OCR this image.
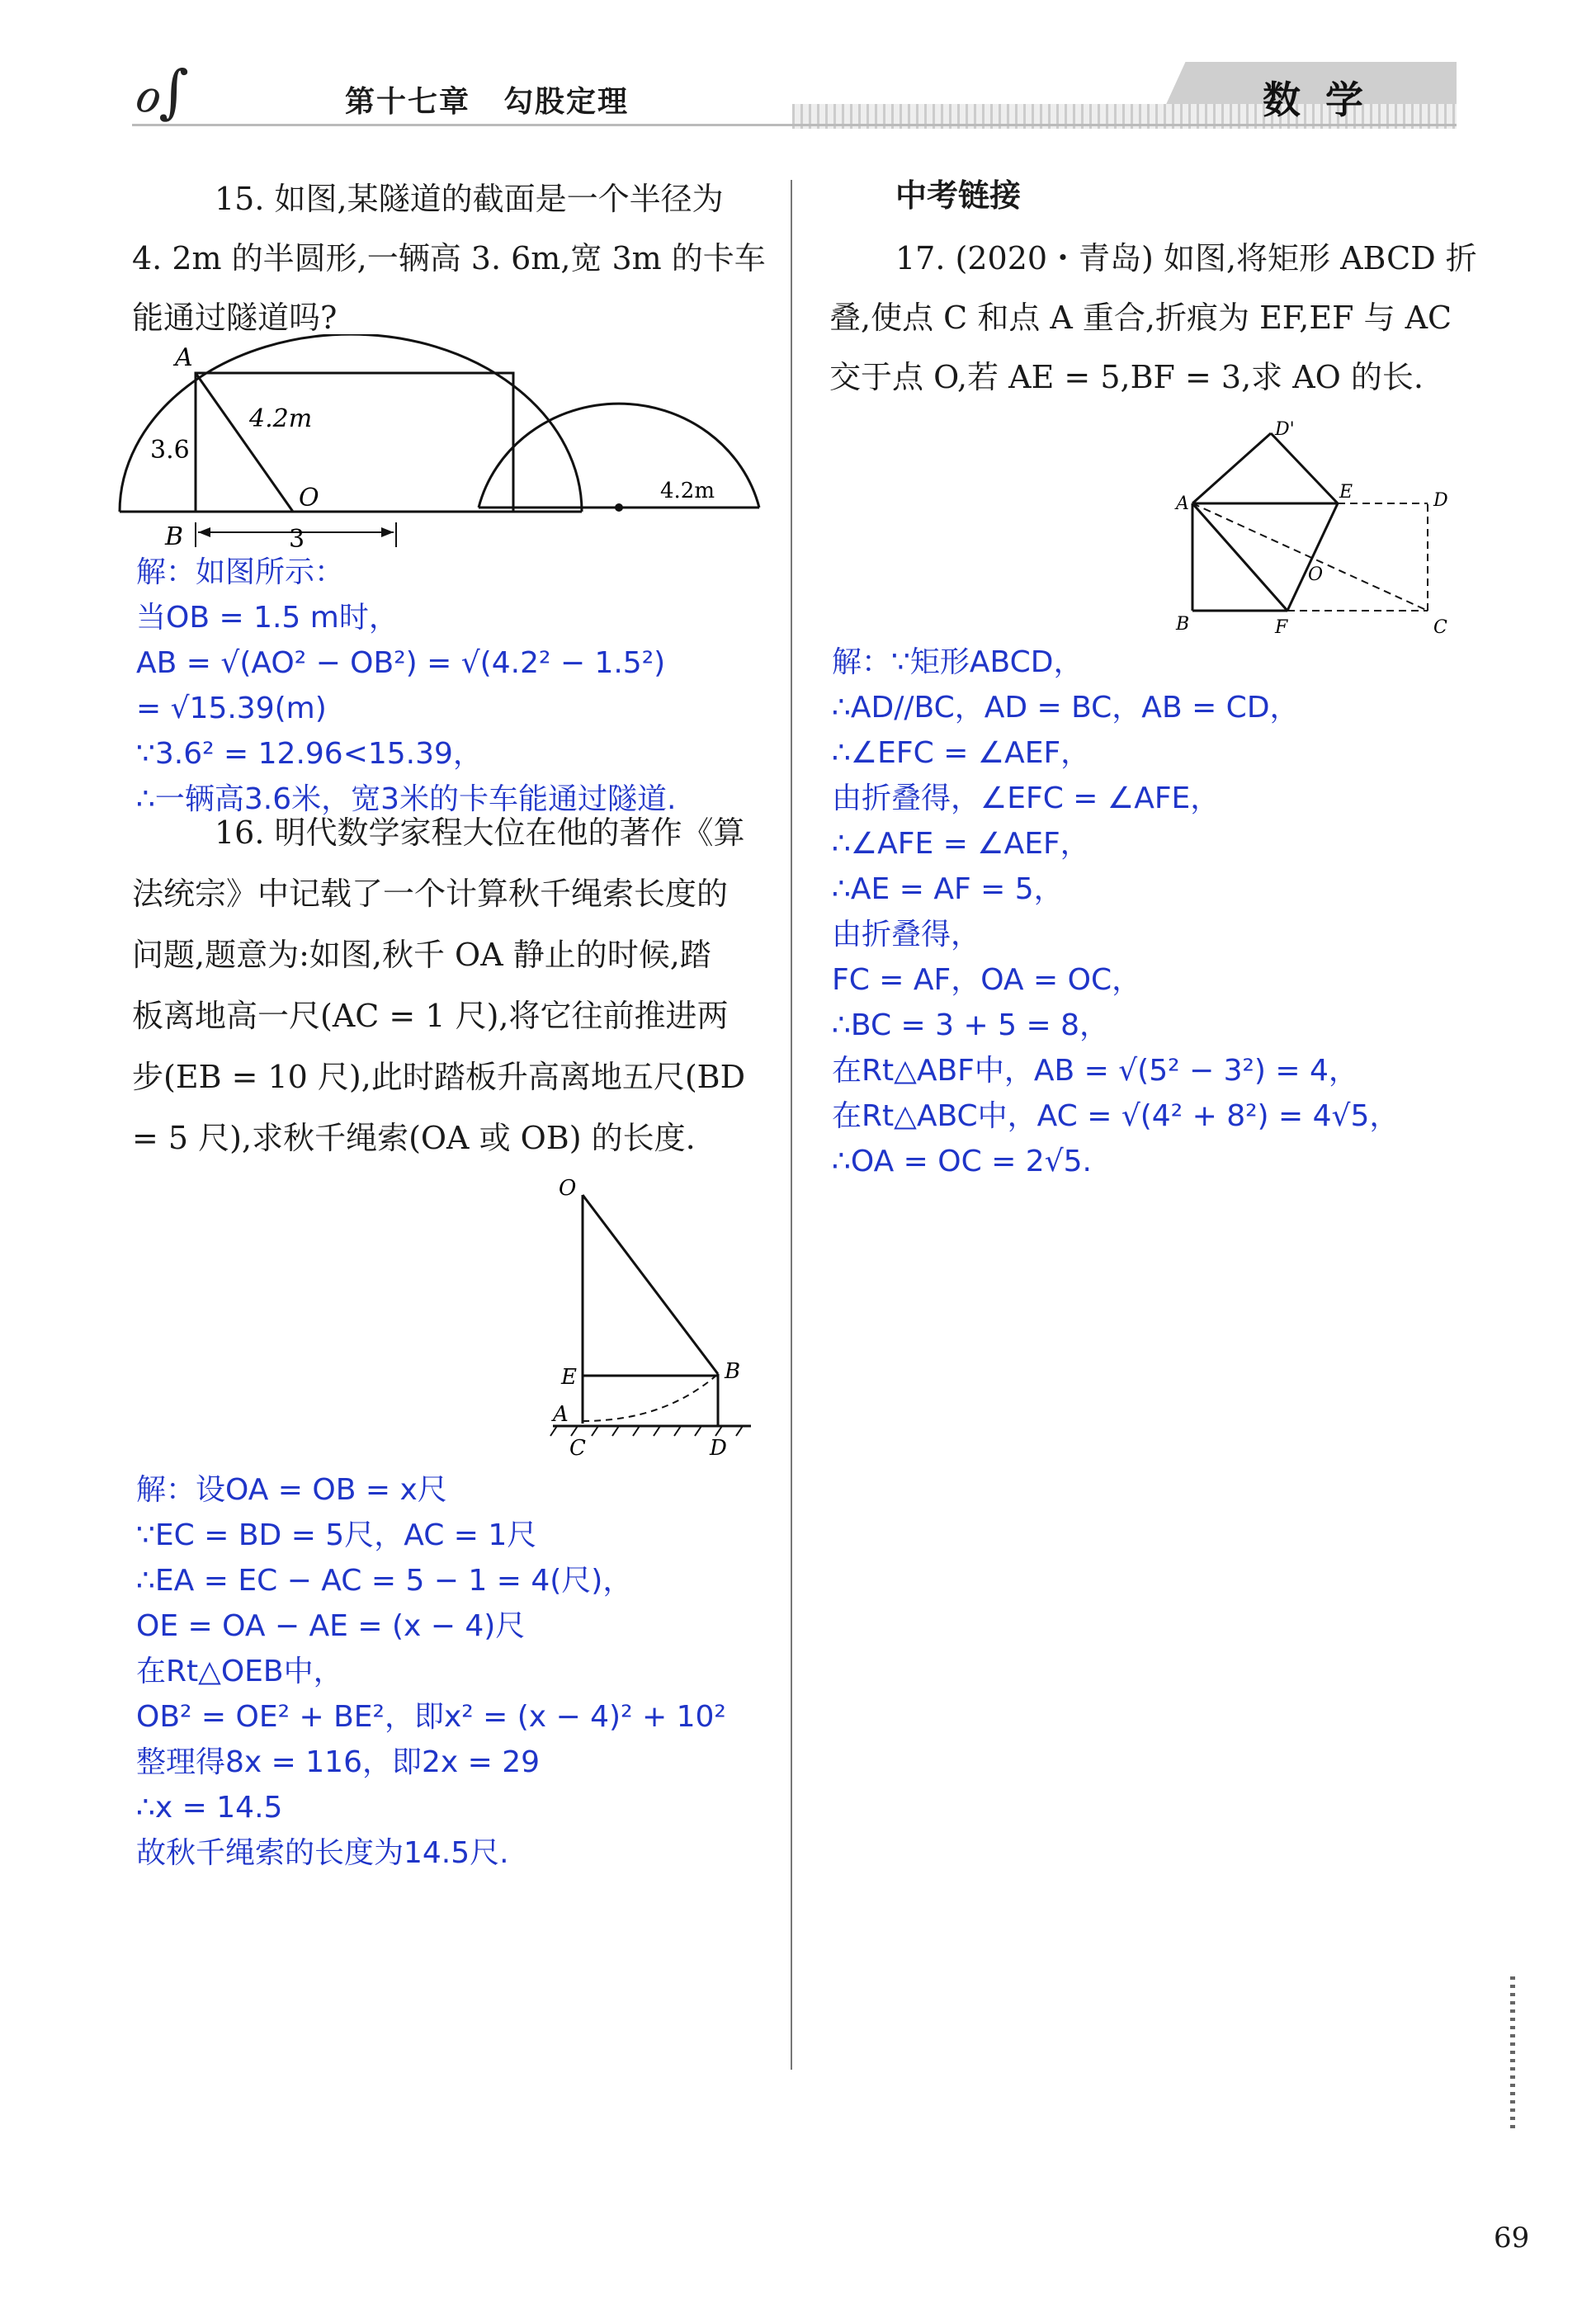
ℴ∫	第十七章 勾股定理	数学
15. 如图,某隧道的截面是一个半径为
4. 2m 的半圆形,一辆高 3. 6m,宽 3m 的卡车
能通过隧道吗?
A
3.6
4.2m
O
B	3
4.2m
解：如图所示：
当OB = 1.5 m时，
AB = √(AO² − OB²) = √(4.2² − 1.5²)
= √15.39(m)
∵3.6² = 12.96<15.39，
∴一辆高3.6米，宽3米的卡车能通过隧道.
16. 明代数学家程大位在他的著作《算
法统宗》中记载了一个计算秋千绳索长度的
问题,题意为:如图,秋千 OA 静止的时候,踏
板离地高一尺(AC = 1 尺),将它往前推进两
步(EB = 10 尺),此时踏板升高离地五尺(BD
= 5 尺),求秋千绳索(OA 或 OB) 的长度.
O
E	B
A
C	D
解：设OA = OB = x尺
∵EC = BD = 5尺，AC = 1尺
∴EA = EC − AC = 5 − 1 = 4(尺)，
OE = OA − AE = (x − 4)尺
在Rt△OEB中，
OB² = OE² + BE²，即x² = (x − 4)² + 10²
整理得8x = 116，即2x = 29
∴x = 14.5
故秋千绳索的长度为14.5尺.
中考链接
17. (2020・青岛) 如图,将矩形 ABCD 折
叠,使点 C 和点 A 重合,折痕为 EF,EF 与 AC
交于点 O,若 AE = 5,BF = 3,求 AO 的长.
A
B	C
D
D'
E
F
O
解：∵矩形ABCD，
∴AD//BC，AD = BC，AB = CD，
∴∠EFC = ∠AEF，
由折叠得，∠EFC = ∠AFE，
∴∠AFE = ∠AEF，
∴AE = AF = 5，
由折叠得，
FC = AF，OA = OC，
∴BC = 3 + 5 = 8，
在Rt△ABF中，AB = √(5² − 3²) = 4，
在Rt△ABC中，AC = √(4² + 8²) = 4√5，
∴OA = OC = 2√5.
69
